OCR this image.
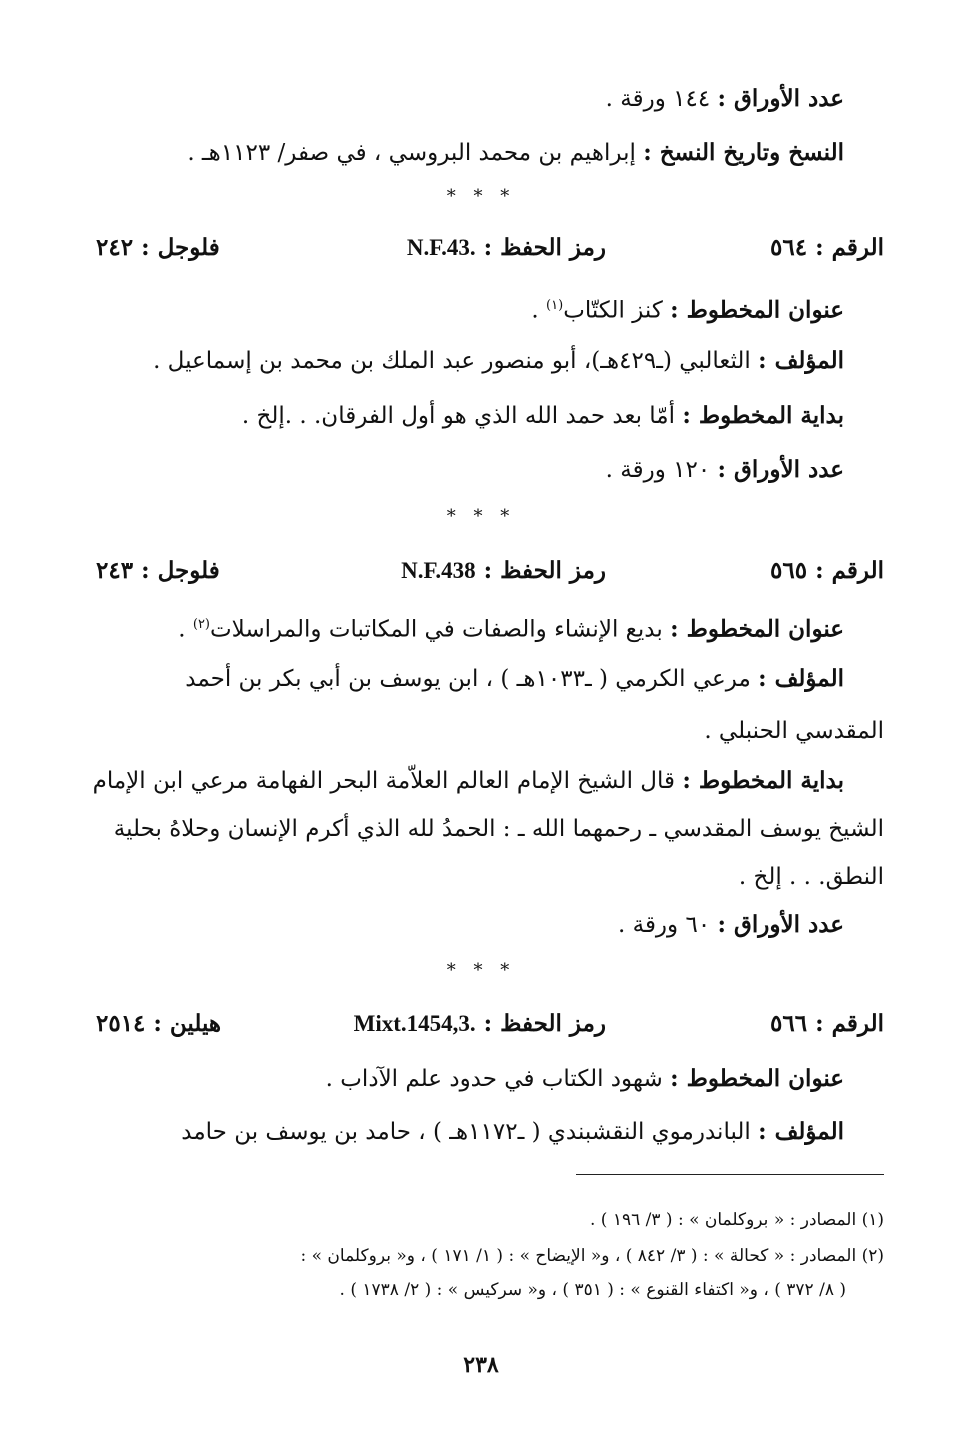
عدد الأوراق : ١٤٤ ورقة .
النسخ وتاريخ النسخ : إبراهيم بن محمد البروسي ، في صفر/ ١١٢٣هـ .
* * *
الرقم : ٥٦٤
رمز الحفظ : N.F.43.
فلوجل : ٢٤٢
عنوان المخطوط : كنز الكتّاب$^{(١)}$ .
المؤلف : الثعالبي (ـ٤٢٩هـ)، أبو منصور عبد الملك بن محمد بن إسماعيل .
بداية المخطوط : أمّا بعد حمد الله الذي هو أول الفرقان. . .إلخ .
عدد الأوراق : ١٢٠ ورقة .
* * *
الرقم : ٥٦٥
رمز الحفظ : N.F.438
فلوجل : ٢٤٣
عنوان المخطوط : بديع الإنشاء والصفات في المكاتبات والمراسلات$^{(٢)}$ .
المؤلف : مرعي الكرمي ( ـ١٠٣٣هـ ) ، ابن يوسف بن أبي بكر بن أحمد
المقدسي الحنبلي .
بداية المخطوط : قال الشيخ الإمام العالم العلاّمة البحر الفهامة مرعي ابن الإمام
الشيخ يوسف المقدسي ـ رحمهما الله ـ : الحمدُ لله الذي أكرم الإنسان وحلاهُ بحلية
النطق. . . إلخ .
عدد الأوراق : ٦٠ ورقة .
* * *
الرقم : ٥٦٦
رمز الحفظ : Mixt.1454,3.
هيلين : ٢٥١٤
عنوان المخطوط : شهود الكتاب في حدود علم الآداب .
المؤلف : الباندرموي النقشبندي ( ـ١١٧٢هـ ) ، حامد بن يوسف بن حامد
(١) المصادر : « بروكلمان » : ( ٣/ ١٩٦ ) .
(٢) المصادر : « كحالة » : ( ٣/ ٨٤٢ ) ، و« الإيضاح » : ( ١/ ١٧١ ) ، و« بروكلمان » :
( ٨/ ٣٧٢ ) ، و« اكتفاء القنوع » : ( ٣٥١ ) ، و« سركيس » : ( ٢/ ١٧٣٨ ) .
٢٣٨
